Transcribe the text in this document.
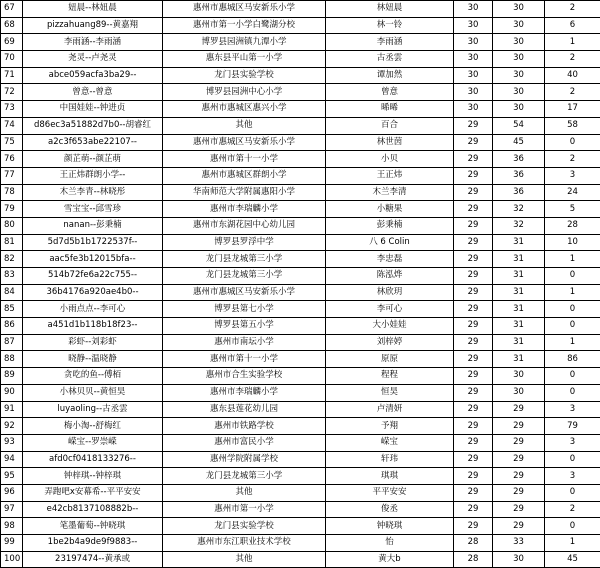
67	妞晨--林妞晨	惠州市惠城区马安新乐小学	林妞晨	30	30	2
68	pizzahuang89--黄嘉翔	惠州市第一小学白鹭湖分校	林一铃	30	30	6
69	李雨涵--李雨涵	博罗县园洲镇九潭小学	李雨涵	30	30	1
70	尧灵--卢尧灵	惠东县平山第一小学	古丞雲	30	30	2
71	abce059acfa3ba29--	龙门县实验学校	谭加然	30	30	40
72	曾意--曾意	博罗县园洲中心小学	曾意	30	30	2
73	中国娃娃--钟进贞	惠州市惠城区惠兴小学	晞晞	30	30	17
74	d86ec3a51882d7b0--胡睿红	其他	百合	29	54	58
75	a2c3f653abe22107--	惠州市惠城区马安新乐小学	林世茵	29	45	0
76	颜芷萌--颜芷萌	惠州市第十一小学	小贝	29	36	2
77	王正炜群朗小学--	惠州市惠城区群朗小学	王正炜	29	36	3
78	木兰李青--林晓彤	华南师范大学附属惠阳小学	木兰李清	29	36	24
79	雪宝宝--邱雪珍	惠州市李瑞麟小学	小糖果	29	32	5
80	nanan--彭秉楠	惠州市东湖花园中心幼儿园	彭秉楠	29	32	28
81	5d7d5b1b1722537f--	博罗县罗浮中学	八 6 Colin	29	31	10
82	aac5fe3b12015bfa--	龙门县龙城第三小学	李忠磊	29	31	1
83	514b72fe6a22c755--	龙门县龙城第三小学	陈泓烨	29	31	0
84	36b4176a920ae4b0--	惠州市惠城区马安新乐小学	林欣玥	29	31	1
85	小雨点点--李可心	博罗县第七小学	李可心	29	31	0
86	a451d1b118b18f23--	博罗县第五小学	大小娃娃	29	31	0
87	彩虾--刘彩虾	惠州市南坛小学	刘梓婷	29	31	1
88	晓静--温晓静	惠州市第十一小学	原原	29	31	86
89	贪吃的鱼--傅栢	惠州市合生实验学校	程程	29	30	0
90	小林贝贝--黄恒昊	惠州市李瑞麟小学	恒昊	29	30	0
91	luyaoling--古丞雲	惠东县莲花幼儿园	卢清妍	29	29	3
92	梅小淘--舒梅红	惠州市铁路学校	予翔	29	29	79
93	嵘宝--罗崇嵘	惠州市富民小学	嵘宝	29	29	3
94	afd0cf0418133276--	惠州学院附属学校	轩玮	29	29	0
95	钟梓琪--钟梓琪	龙门县龙城第三小学	琪琪	29	29	3
96	弄跑吧x安幕希--平平安安	其他	平平安安	29	29	0
97	e42cb8137108882b--	惠州市第一小学	俊丞	29	29	2
98	笔墨葡萄--钟晓琪	龙门县实验学校	钟晓琪	29	29	0
99	1be2b4a9de9f9883--	惠州市东江职业技术学校	怡	28	33	1
100	23197474--黄承或	其他	黄大b	28	30	45
